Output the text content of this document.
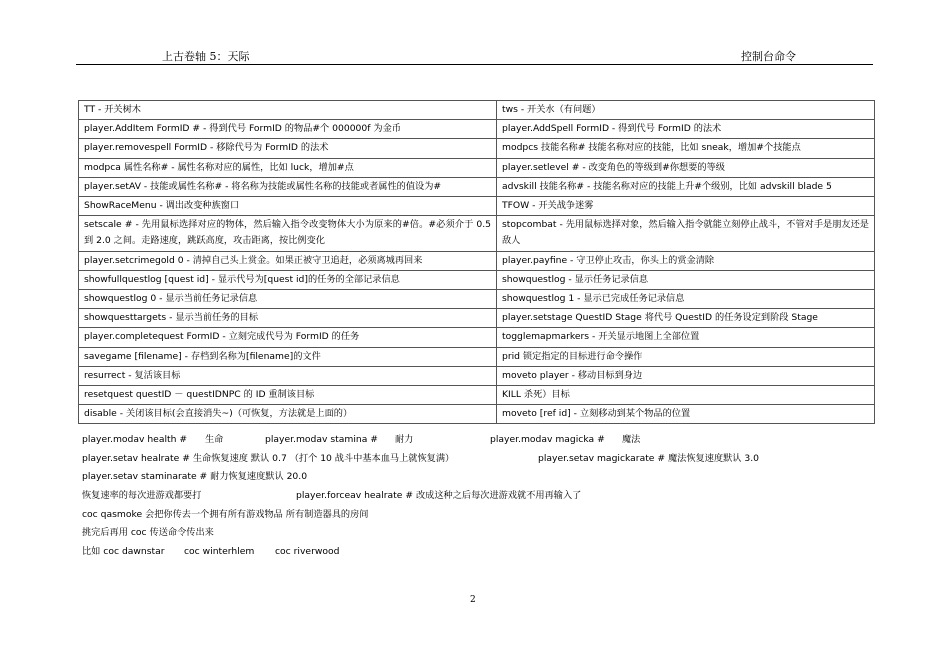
上古卷轴 5：天际	控制台命令
TT - 开关树木	tws - 开关水（有问题）
player.AddItem FormID # - 得到代号 FormID 的物品#个 000000f 为金币	player.AddSpell FormID - 得到代号 FormID 的法术
player.removespell FormID - 移除代号为 FormID 的法术	modpcs 技能名称# 技能名称对应的技能，比如 sneak，增加#个技能点
modpca 属性名称# - 属性名称对应的属性，比如 luck，增加#点	player.setlevel # - 改变角色的等级到#你想要的等级
player.setAV - 技能或属性名称# - 将名称为技能或属性名称的技能或者属性的值设为#	advskill 技能名称# - 技能名称对应的技能上升#个级别，比如 advskill blade 5
ShowRaceMenu - 调出改变种族窗口	TFOW - 开关战争迷雾
setscale # - 先用鼠标选择对应的物体，然后输入指令改变物体大小为原来的#倍。#必须介于 0.5 到 2.0 之间。走路速度，跳跃高度，攻击距离，按比例变化	stopcombat - 先用鼠标选择对象，然后输入指令就能立刻停止战斗，不管对手是朋友还是敌人
player.setcrimegold 0 - 清掉自己头上赏金。如果正被守卫追赶，必须离城再回来	player.payfine - 守卫停止攻击，你头上的赏金清除
showfullquestlog [quest id] - 显示代号为[quest id]的任务的全部记录信息	showquestlog - 显示任务记录信息
showquestlog 0 - 显示当前任务记录信息	showquestlog 1 - 显示已完成任务记录信息
showquesttargets - 显示当前任务的目标	player.setstage QuestID Stage 将代号 QuestID 的任务设定到阶段 Stage
player.completequest FormID - 立刻完成代号为 FormID 的任务	togglemapmarkers - 开关显示地图上全部位置
savegame [filename] - 存档到名称为[filename]的文件	prid 锁定指定的目标进行命令操作
resurrect - 复活该目标	moveto player - 移动目标到身边
resetquest questID － questIDNPC 的 ID 重制该目标	KILL 杀死）目标
disable - 关闭该目标(会直接消失~)（可恢复，方法就是上面的）	moveto [ref id] - 立刻移动到某个物品的位置
player.modav health # 生命	player.modav stamina # 耐力	player.modav magicka # 魔法
player.setav healrate # 生命恢复速度 默认 0.7 （打个 10 战斗中基本血马上就恢复满）	player.setav magickarate # 魔法恢复速度默认 3.0
player.setav staminarate # 耐力恢复速度默认 20.0
恢复速率的每次进游戏都要打	player.forceav healrate # 改成这种之后每次进游戏就不用再输入了
coc qasmoke 会把你传去一个拥有所有游戏物品 所有制造器具的房间
挑完后再用 coc 传送命令传出来
比如 coc dawnstar coc winterhlem coc riverwood
2
